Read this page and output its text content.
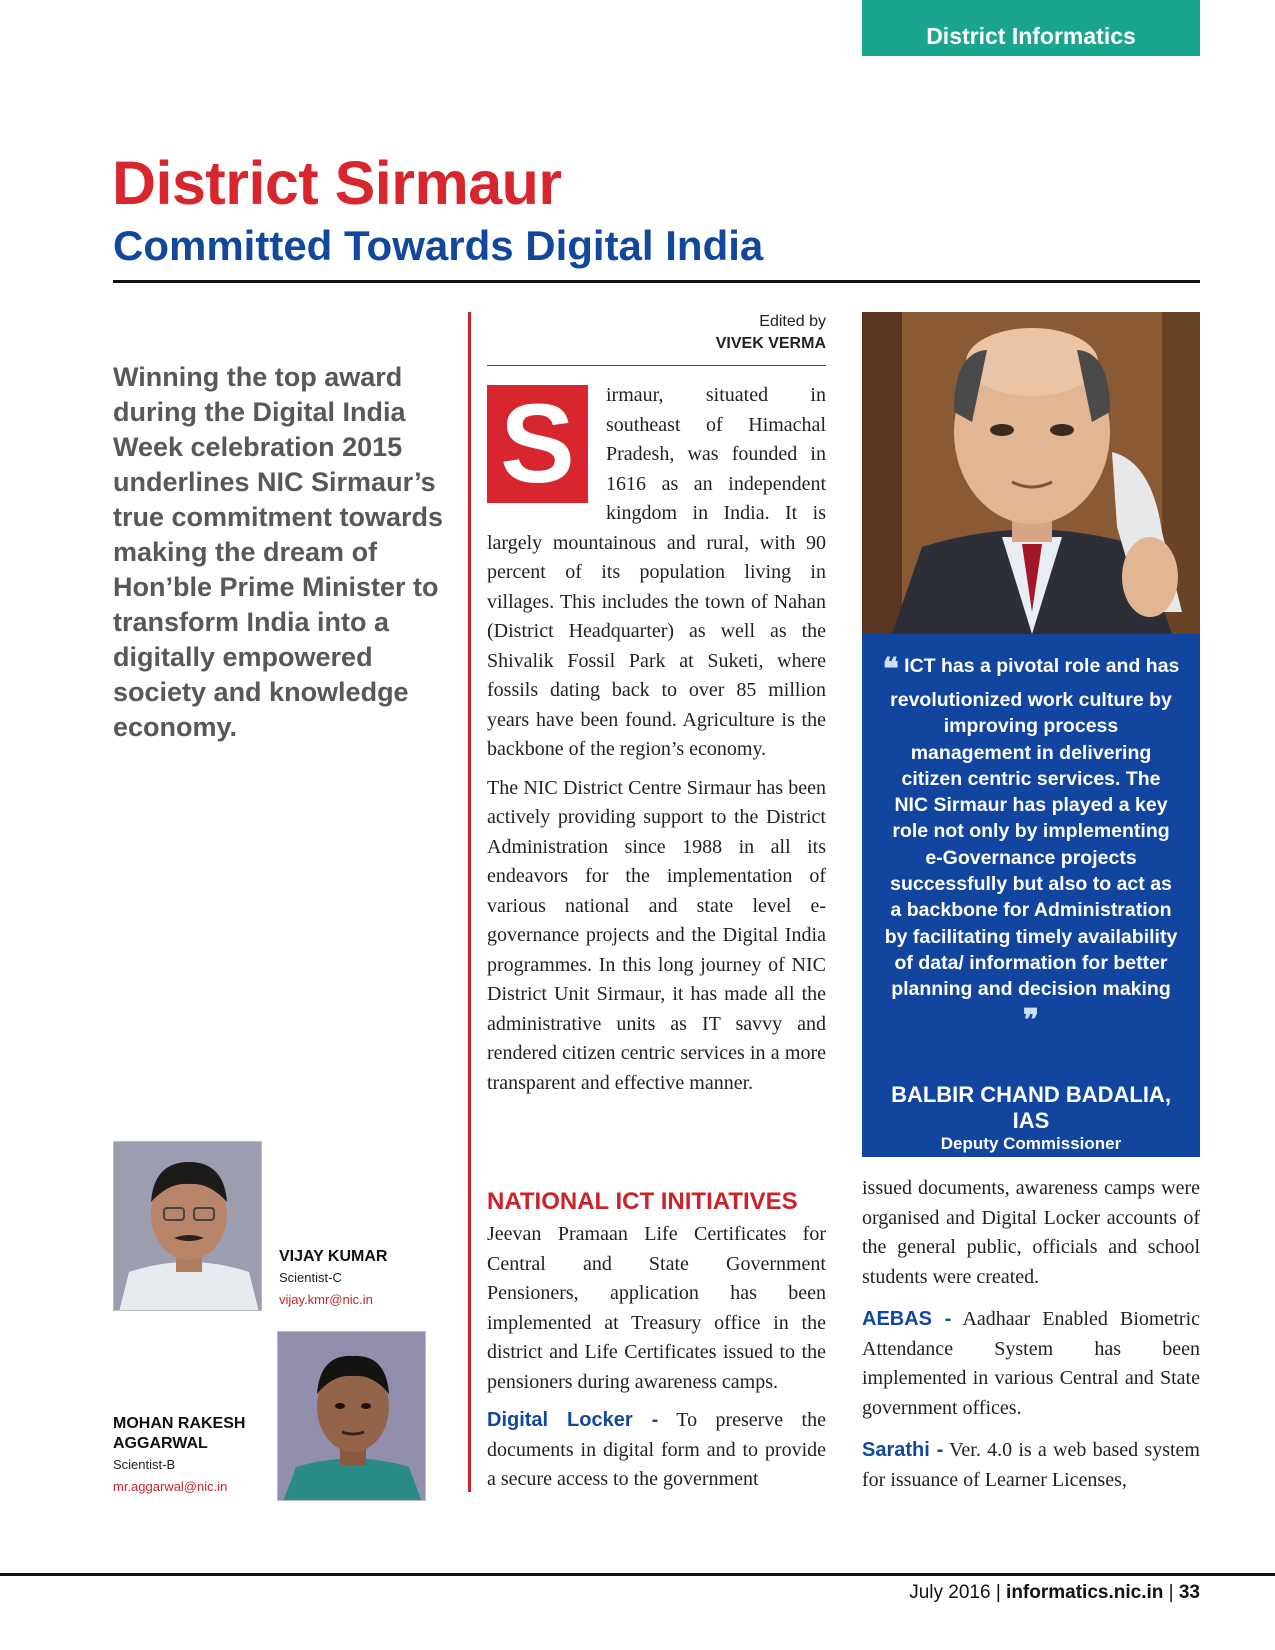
District Informatics
District Sirmaur
Committed Towards Digital India
Winning the top award during the Digital India Week celebration 2015 underlines NIC Sirmaur’s true commitment towards making the dream of Hon’ble Prime Minister to transform India into a digitally empowered society and knowledge economy.
Edited by
VIVEK VERMA

S	irmaur, situated in southeast of Himachal Pradesh, was founded in 1616 as an independent kingdom in India. It is largely mountainous and rural, with 90 percent of its population living in villages. This includes the town of Nahan (District Headquarter) as well as the Shivalik Fossil Park at Suketi, where fossils dating back to over 85 million years have been found. Agriculture is the backbone of the region’s economy.

The NIC District Centre Sirmaur has been actively providing support to the District Administration since 1988 in all its endeavors for the implementation of various national and state level e-governance projects and the Digital India programmes. In this long journey of NIC District Unit Sirmaur, it has made all the administrative units as IT savvy and rendered citizen centric services in a more transparent and effective manner.

NATIONAL ICT INITIATIVES

Jeevan Pramaan Life Certificates for Central and State Government Pensioners, application has been implemented at Treasury office in the district and Life Certificates issued to the pensioners during awareness camps.

Digital Locker - To preserve the documents in digital form and to provide a secure access to the government

❝ ICT has a pivotal role and has revolutionized work culture by improving process management in delivering citizen centric services. The NIC Sirmaur has played a key role not only by implementing e-Governance projects successfully but also to act as a backbone for Administration by facilitating timely availability of data/ information for better planning and decision making ❞
BALBIR CHAND BADALIA, IAS
Deputy Commissioner

issued documents, awareness camps were organised and Digital Locker accounts of the general public, officials and school students were created.

AEBAS - Aadhaar Enabled Biometric Attendance System has been implemented in various Central and State government offices.

Sarathi - Ver. 4.0 is a web based system for issuance of Learner Licenses,

VIJAY KUMAR
Scientist-C
vijay.kmr@nic.in
MOHAN RAKESH AGGARWAL
Scientist-B
mr.aggarwal@nic.in
July 2016 | informatics.nic.in | 33
